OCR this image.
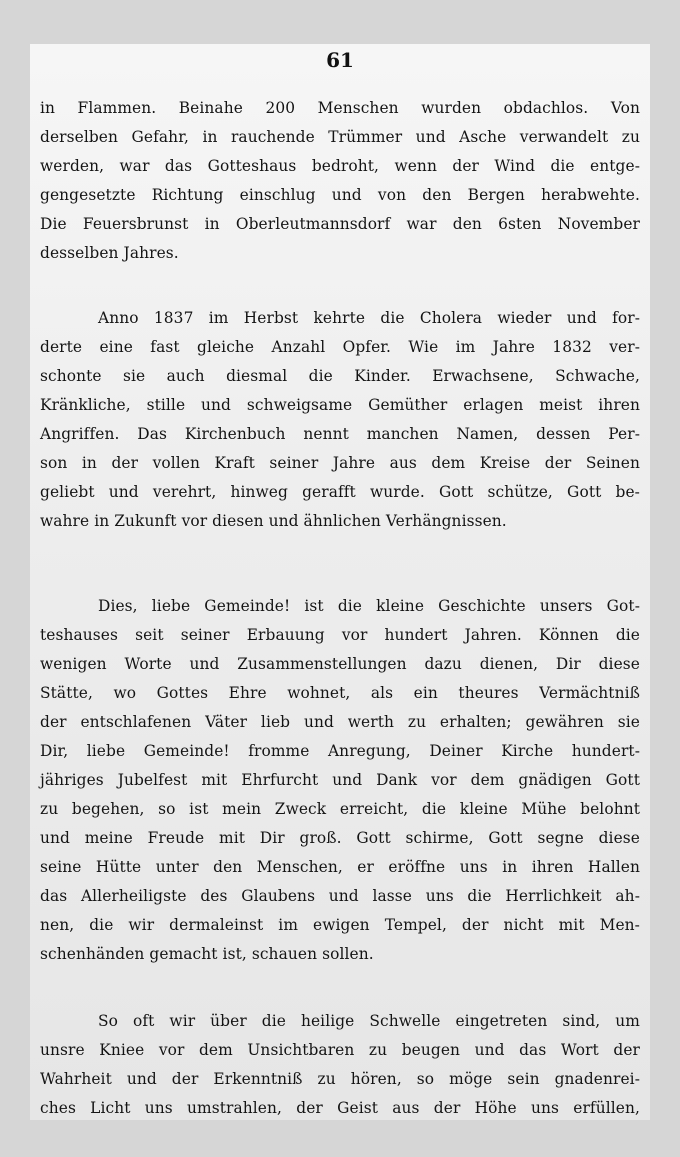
61
in Flammen. Beinahe 200 Menschen wurden obdachlos. Von
derselben Gefahr, in rauchende Trümmer und Asche verwandelt zu
werden, war das Gotteshaus bedroht, wenn der Wind die entge-
gengesetzte Richtung einschlug und von den Bergen herabwehte.
Die Feuersbrunst in Oberleutmannsdorf war den 6sten November
desselben Jahres.
Anno 1837 im Herbst kehrte die Cholera wieder und for-
derte eine fast gleiche Anzahl Opfer. Wie im Jahre 1832 ver-
schonte sie auch diesmal die Kinder. Erwachsene, Schwache,
Kränkliche, stille und schweigsame Gemüther erlagen meist ihren
Angriffen. Das Kirchenbuch nennt manchen Namen, dessen Per-
son in der vollen Kraft seiner Jahre aus dem Kreise der Seinen
geliebt und verehrt, hinweg gerafft wurde. Gott schütze, Gott be-
wahre in Zukunft vor diesen und ähnlichen Verhängnissen.
Dies, liebe Gemeinde! ist die kleine Geschichte unsers Got-
teshauses seit seiner Erbauung vor hundert Jahren. Können die
wenigen Worte und Zusammenstellungen dazu dienen, Dir diese
Stätte, wo Gottes Ehre wohnet, als ein theures Vermächtniß
der entschlafenen Väter lieb und werth zu erhalten; gewähren sie
Dir, liebe Gemeinde! fromme Anregung, Deiner Kirche hundert-
jähriges Jubelfest mit Ehrfurcht und Dank vor dem gnädigen Gott
zu begehen, so ist mein Zweck erreicht, die kleine Mühe belohnt
und meine Freude mit Dir groß. Gott schirme, Gott segne diese
seine Hütte unter den Menschen, er eröffne uns in ihren Hallen
das Allerheiligste des Glaubens und lasse uns die Herrlichkeit ah-
nen, die wir dermaleinst im ewigen Tempel, der nicht mit Men-
schenhänden gemacht ist, schauen sollen.
So oft wir über die heilige Schwelle eingetreten sind, um
unsre Kniee vor dem Unsichtbaren zu beugen und das Wort der
Wahrheit und der Erkenntniß zu hören, so möge sein gnadenrei-
ches Licht uns umstrahlen, der Geist aus der Höhe uns erfüllen,
